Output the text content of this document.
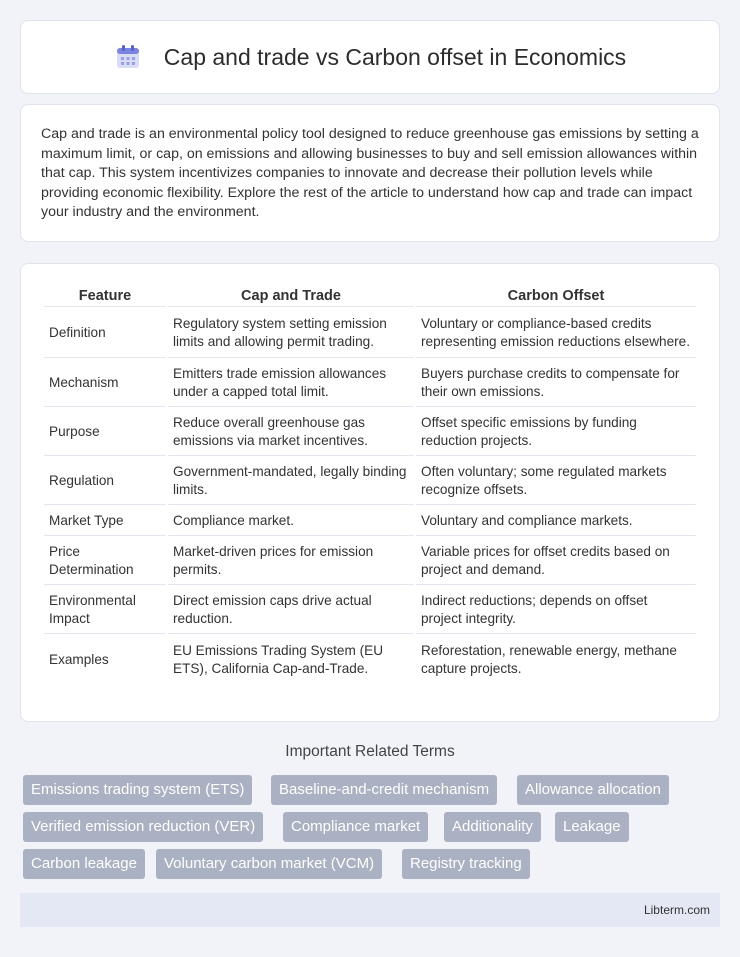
Cap and trade vs Carbon offset in Economics

Cap and trade is an environmental policy tool designed to reduce greenhouse gas emissions by setting a maximum limit, or cap, on emissions and allowing businesses to buy and sell emission allowances within that cap. This system incentivizes companies to innovate and decrease their pollution levels while providing economic flexibility. Explore the rest of the article to understand how cap and trade can impact your industry and the environment.

Feature	Cap and Trade	Carbon Offset
Definition	Regulatory system setting emission limits and allowing permit trading.	Voluntary or compliance-based credits representing emission reductions elsewhere.
Mechanism	Emitters trade emission allowances under a capped total limit.	Buyers purchase credits to compensate for their own emissions.
Purpose	Reduce overall greenhouse gas emissions via market incentives.	Offset specific emissions by funding reduction projects.
Regulation	Government-mandated, legally binding limits.	Often voluntary; some regulated markets recognize offsets.
Market Type	Compliance market.	Voluntary and compliance markets.
Price Determination	Market-driven prices for emission permits.	Variable prices for offset credits based on project and demand.
Environmental Impact	Direct emission caps drive actual reduction.	Indirect reductions; depends on offset project integrity.
Examples	EU Emissions Trading System (EU ETS), California Cap-and-Trade.	Reforestation, renewable energy, methane capture projects.
Important Related Terms
Emissions trading system (ETS)	Baseline-and-credit mechanism	Allowance allocation
Verified emission reduction (VER)	Compliance market	Additionality	Leakage
Carbon leakage	Voluntary carbon market (VCM)	Registry tracking
Libterm.com
